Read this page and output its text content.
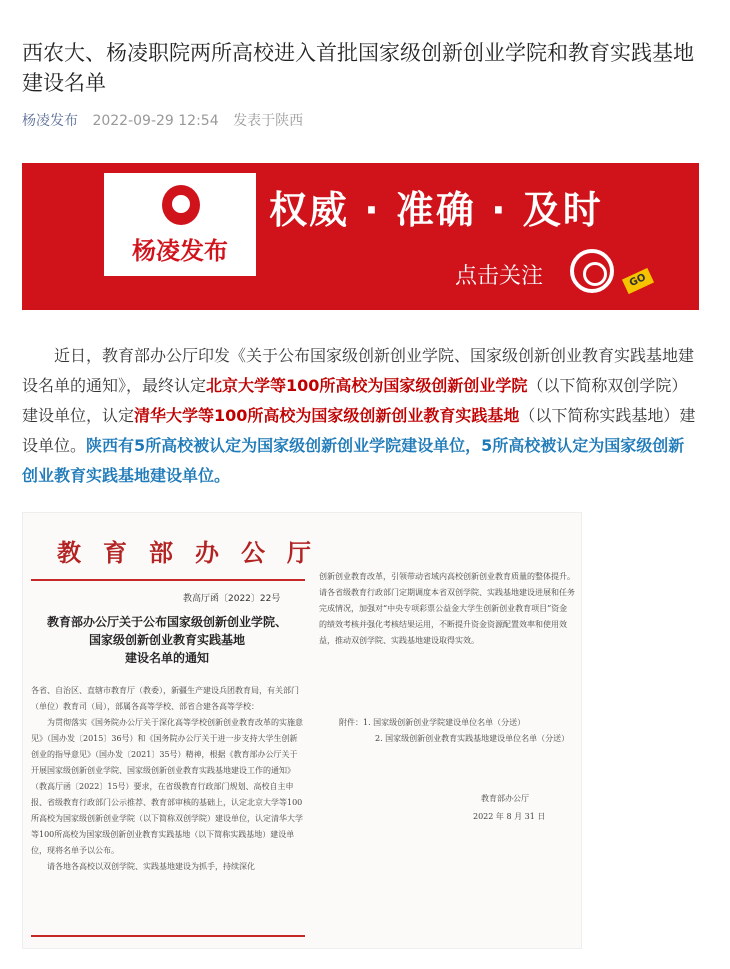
西农大、杨凌职院两所高校进入首批国家级创新创业学院和教育实践基地建设名单
杨凌发布 2022-09-29 12:54 发表于陕西
杨凌发布
权威 · 准确 · 及时
点击关注	GO
近日，教育部办公厅印发《关于公布国家级创新创业学院、国家级创新创业教育实践基地建设名单的通知》，最终认定北京大学等100所高校为国家级创新创业学院（以下简称双创学院）建设单位，认定清华大学等100所高校为国家级创新创业教育实践基地（以下简称实践基地）建设单位。陕西有5所高校被认定为国家级创新创业学院建设单位，5所高校被认定为国家级创新创业教育实践基地建设单位。
教育部办公厅
教高厅函〔2022〕22号
教育部办公厅关于公布国家级创新创业学院、
国家级创新创业教育实践基地
建设名单的通知

各省、自治区、直辖市教育厅（教委），新疆生产建设兵团教育局，有关部门（单位）教育司（局），部属各高等学校、部省合建各高等学校：

为贯彻落实《国务院办公厅关于深化高等学校创新创业教育改革的实施意见》（国办发〔2015〕36号）和《国务院办公厅关于进一步支持大学生创新创业的指导意见》（国办发〔2021〕35号）精神，根据《教育部办公厅关于开展国家级创新创业学院、国家级创新创业教育实践基地建设工作的通知》（教高厅函〔2022〕15号）要求，在省级教育行政部门规划、高校自主申报、省级教育行政部门公示推荐、教育部审核的基础上，认定北京大学等100所高校为国家级创新创业学院（以下简称双创学院）建设单位，认定清华大学等100所高校为国家级创新创业教育实践基地（以下简称实践基地）建设单位，现将名单予以公布。

请各地各高校以双创学院、实践基地建设为抓手，持续深化

创新创业教育改革，引领带动省域内高校创新创业教育质量的整体提升。请各省级教育行政部门定期调度本省双创学院、实践基地建设进展和任务完成情况，加强对“中央专项彩票公益金大学生创新创业教育项目”资金的绩效考核并强化考核结果运用，不断提升资金资源配置效率和使用效益，推动双创学院、实践基地建设取得实效。
附件：1. 国家级创新创业学院建设单位名单（分送）
2. 国家级创新创业教育实践基地建设单位名单（分送）
教育部办公厅
2022 年 8 月 31 日
